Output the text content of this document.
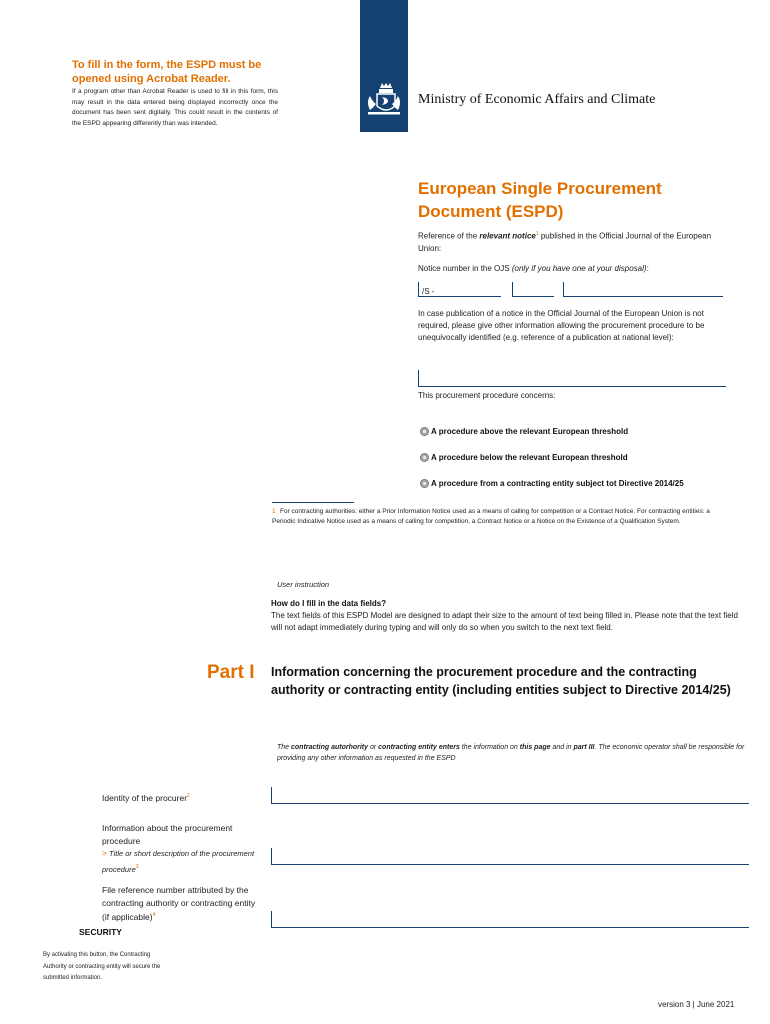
Ministry of Economic Affairs and Climate
To fill in the form, the ESPD must be opened using Acrobat Reader.
If a program other than Acrobat Reader is used to fill in this form, this may result in the data entered being displayed incorrectly once the document has been sent digitally. This could result in the contents of the ESPD appearing differently than was intended.
European Single Procurement Document (ESPD)
Reference of the relevant notice$^1$ published in the Official Journal of the European Union:
Notice number in the OJS (only if you have one at your disposal):
/S -
In case publication of a notice in the Official Journal of the European Union is not required, please give other information allowing the procurement procedure to be unequivocally identified (e.g. reference of a publication at national level):
This procurement procedure concerns:
A procedure above the relevant European threshold
A procedure below the relevant European threshold
A procedure from a contracting entity subject tot Directive 2014/25
1 For contracting authorities: either a Prior Information Notice used as a means of calling for competition or a Contract Notice. For contracting entities: a Periodic Indicative Notice used as a means of calling for competition, a Contract Notice or a Notice on the Existence of a Qualification System.
User instruction
How do I fill in the data fields?
The text fields of this ESPD Model are designed to adapt their size to the amount of text being filled in. Please note that the text field will not adapt immediately during typing and will only do so when you switch to the next text field.
Part I Information concerning the procurement procedure and the contracting authority or contracting entity (including entities subject to Directive 2014/25)
The contracting autorhority or contracting entity enters the information on this page and in part III. The economic operator shall be responsible for providing any other information as requested in the ESPD
Identity of the procurer$^2$
Information about the procurement procedure
> Title or short description of the procurement procedure$^3$
File reference number attributed by the contracting authority or contracting entity (if applicable)$^4$
SECURITY
By activating this button, the Contracting Authority or contracting entity will secure the submitted information.
version 3 | June 2021
